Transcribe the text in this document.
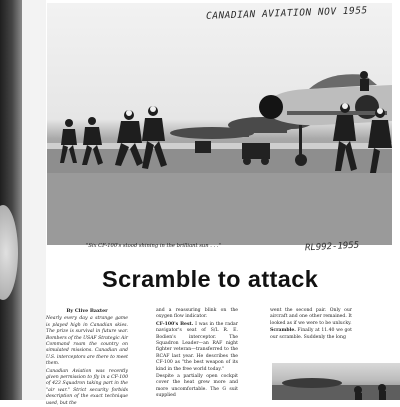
CANADIAN AVIATION NOV 1955
"Six CF-100's stood shining in the brilliant sun . . ."	RL992-1955
Scramble to attack
By Clive Baxter

Nearly every day a strange game is played high in Canadian skies. The prize is survival in future war. Bombers of the USAF Strategic Air Command roam the country on simulated missions. Canadian and U.S. interceptors are there to meet them.

Canadian Aviation was recently given permission to fly in a CF-100 of 423 Squadron taking part in the "air war." Strict security forbids description of the exact technique used, but the

and a reassuring blink on the oxygen flow indicator.

CF-100's Best. I was in the radar navigator's seat of S/L R. E. Bodien's interceptor. The Squadron Leader—an RAF night fighter veteran—transferred to the RCAF last year. He describes the CF-100 as "the best weapon of its kind in the free world today."

Despite a partially open cockpit cover the heat grew more and more uncomfortable. The G suit supplied

went the second pair. Only our aircraft and one other remained. It looked as if we were to be unlucky.

Scramble. Finally at 11.40 we got our scramble. Suddenly the long
